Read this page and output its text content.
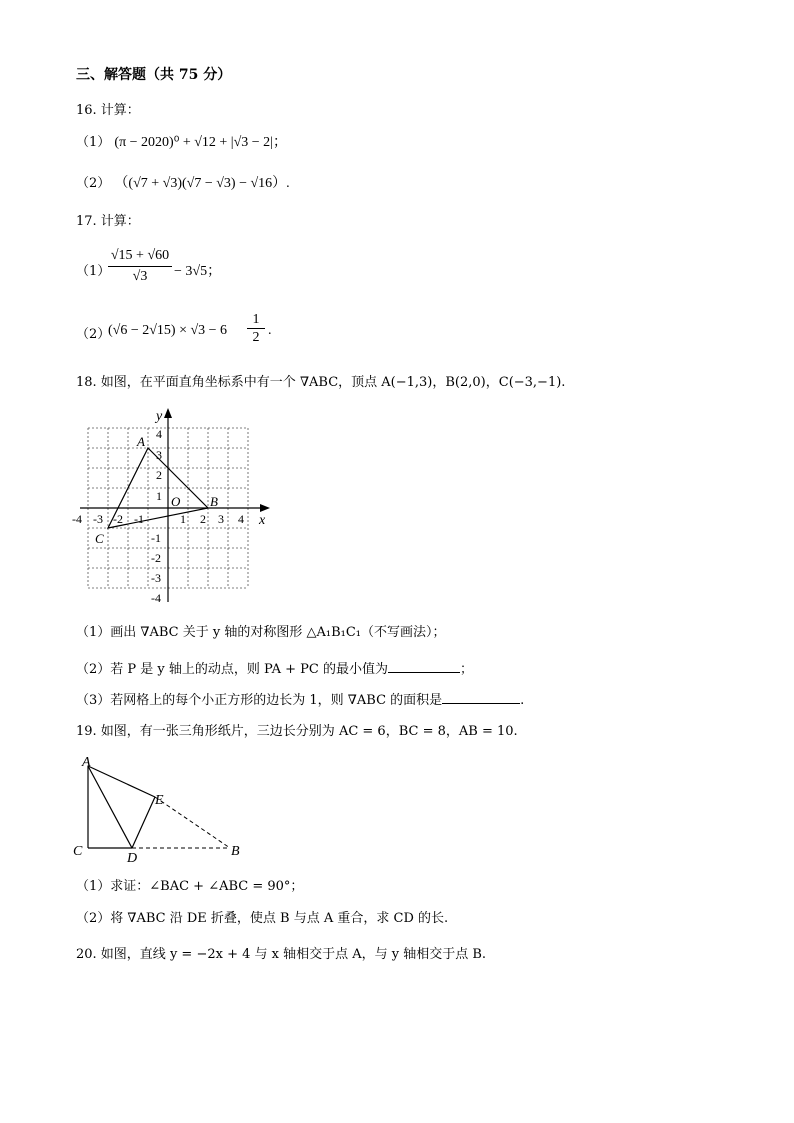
三、解答题（共 75 分）
16. 计算：
（1） (π − 2020)⁰ + √12 + |√3 − 2|；
（2） （(√7 + √3)(√7 − √3) − √16）.
17. 计算：
（1）
√15 + √60
√3	− 3√5；
（2）
(√6 − 2√15) × √3 − 6
1
2 .
18. 如图，在平面直角坐标系中有一个 ∇ABC，顶点 A(−1,3)，B(2,0)，C(−3,−1).
x
y
O
A
B
C
-4 -3 -2 -1	1 2 3 4
4
3
2
1
-1
-2
-3
-4
（1）画出 ∇ABC 关于 y 轴的对称图形 △A₁B₁C₁（不写画法）；
（2）若 P 是 y 轴上的动点，则 PA + PC 的最小值为	；
（3）若网格上的每个小正方形的边长为 1，则 ∇ABC 的面积是	.
19. 如图，有一张三角形纸片，三边长分别为 AC = 6，BC = 8，AB = 10.
A
C	D
E
B
（1）求证：∠BAC + ∠ABC = 90°；
（2）将 ∇ABC 沿 DE 折叠，使点 B 与点 A 重合，求 CD 的长.
20. 如图，直线 y = −2x + 4 与 x 轴相交于点 A，与 y 轴相交于点 B.
